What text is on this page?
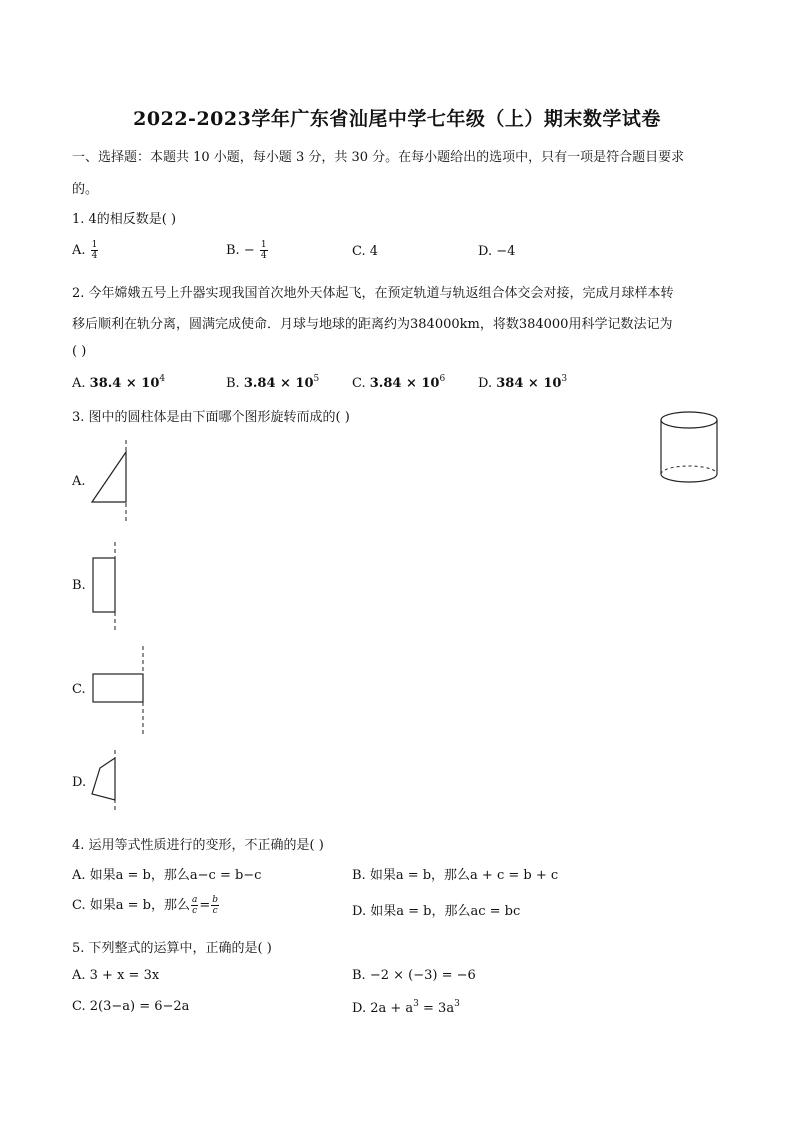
2022-2023学年广东省汕尾中学七年级（上）期末数学试卷
一、选择题：本题共 10 小题，每小题 3 分，共 30 分。在每小题给出的选项中，只有一项是符合题目要求
的。
1. 4的相反数是( )
A. $\frac{1}{4}$	B. − $\frac{1}{4}$	C. 4	D. −4
2. 今年嫦娥五号上升器实现我国首次地外天体起飞，在预定轨道与轨返组合体交会对接，完成月球样本转
移后顺利在轨分离，圆满完成使命．月球与地球的距离约为384000km，将数384000用科学记数法记为
( )
A. $38.4 \times 10^4$	B. $3.84 \times 10^5$	C. $3.84 \times 10^6$	D. $384 \times 10^3$
3. 图中的圆柱体是由下面哪个图形旋转而成的( )
A.
B.
C.
D.
4. 运用等式性质进行的变形，不正确的是( )
A. 如果a = b，那么a−c = b−c	B. 如果a = b，那么a + c = b + c
C. 如果a = b，那么 $\frac{a}{c} = \frac{b}{c}$	D. 如果a = b，那么ac = bc
5. 下列整式的运算中，正确的是( )
A. 3 + x = 3x	B. −2 × (−3) = −6
C. 2(3−a) = 6−2a	D. $2a + a^3 = 3a^3$
